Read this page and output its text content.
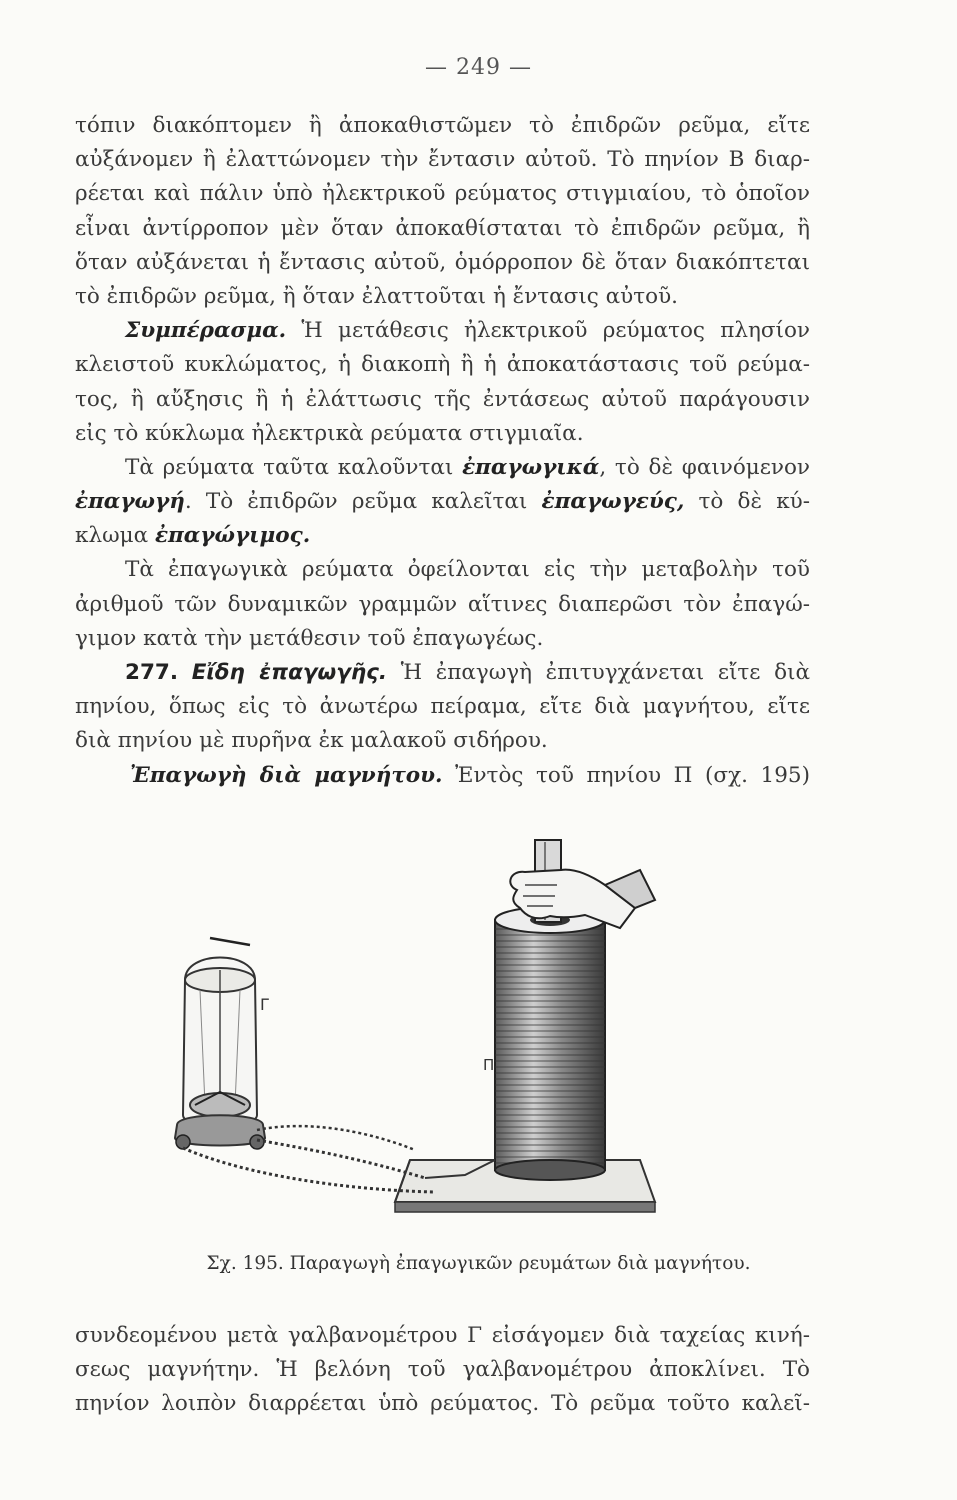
— 249 —
τόπιν διακόπτομεν ἢ ἀποκαθιστῶμεν τὸ ἐπιδρῶν ρεῦμα, εἴτε
αὐξάνομεν ἢ ἐλαττώνομεν τὴν ἔντασιν αὐτοῦ. Τὸ πηνίον Β διαρ-
ρέεται καὶ πάλιν ὑπὸ ἠλεκτρικοῦ ρεύματος στιγμιαίου, τὸ ὁποῖον
εἶναι ἀντίρροπον μὲν ὅταν ἀποκαθίσταται τὸ ἐπιδρῶν ρεῦμα, ἢ
ὅταν αὐξάνεται ἡ ἔντασις αὐτοῦ, ὁμόρροπον δὲ ὅταν διακόπτεται
τὸ ἐπιδρῶν ρεῦμα, ἢ ὅταν ἐλαττοῦται ἡ ἔντασις αὐτοῦ.
Συμπέρασμα. Ἡ μετάθεσις ἠλεκτρικοῦ ρεύματος πλησίον
κλειστοῦ κυκλώματος, ἡ διακοπὴ ἢ ἡ ἀποκατάστασις τοῦ ρεύμα-
τος, ἢ αὔξησις ἢ ἡ ἐλάττωσις τῆς ἐντάσεως αὐτοῦ παράγουσιν
εἰς τὸ κύκλωμα ἠλεκτρικὰ ρεύματα στιγμιαῖα.
Τὰ ρεύματα ταῦτα καλοῦνται ἐπαγωγικά, τὸ δὲ φαινόμενον
ἐπαγωγή. Τὸ ἐπιδρῶν ρεῦμα καλεῖται ἐπαγωγεύς, τὸ δὲ κύ-
κλωμα ἐπαγώγιμος.
Τὰ ἐπαγωγικὰ ρεύματα ὀφείλονται εἰς τὴν μεταβολὴν τοῦ
ἀριθμοῦ τῶν δυναμικῶν γραμμῶν αἵτινες διαπερῶσι τὸν ἐπαγώ-
γιμον κατὰ τὴν μετάθεσιν τοῦ ἐπαγωγέως.
277. Εἴδη ἐπαγωγῆς. Ἡ ἐπαγωγὴ ἐπιτυγχάνεται εἴτε διὰ
πηνίου, ὅπως εἰς τὸ ἀνωτέρω πείραμα, εἴτε διὰ μαγνήτου, εἴτε
διὰ πηνίου μὲ πυρῆνα ἐκ μαλακοῦ σιδήρου.
Ἐπαγωγὴ διὰ μαγνήτου. Ἐντὸς τοῦ πηνίου Π (σχ. 195)
Γ
Π
Σχ. 195. Παραγωγὴ ἐπαγωγικῶν ρευμάτων διὰ μαγνήτου.
συνδεομένου μετὰ γαλβανομέτρου Γ εἰσάγομεν διὰ ταχείας κινή-
σεως μαγνήτην. Ἡ βελόνη τοῦ γαλβανομέτρου ἀποκλίνει. Τὸ
πηνίον λοιπὸν διαρρέεται ὑπὸ ρεύματος. Τὸ ρεῦμα τοῦτο καλεῖ-
